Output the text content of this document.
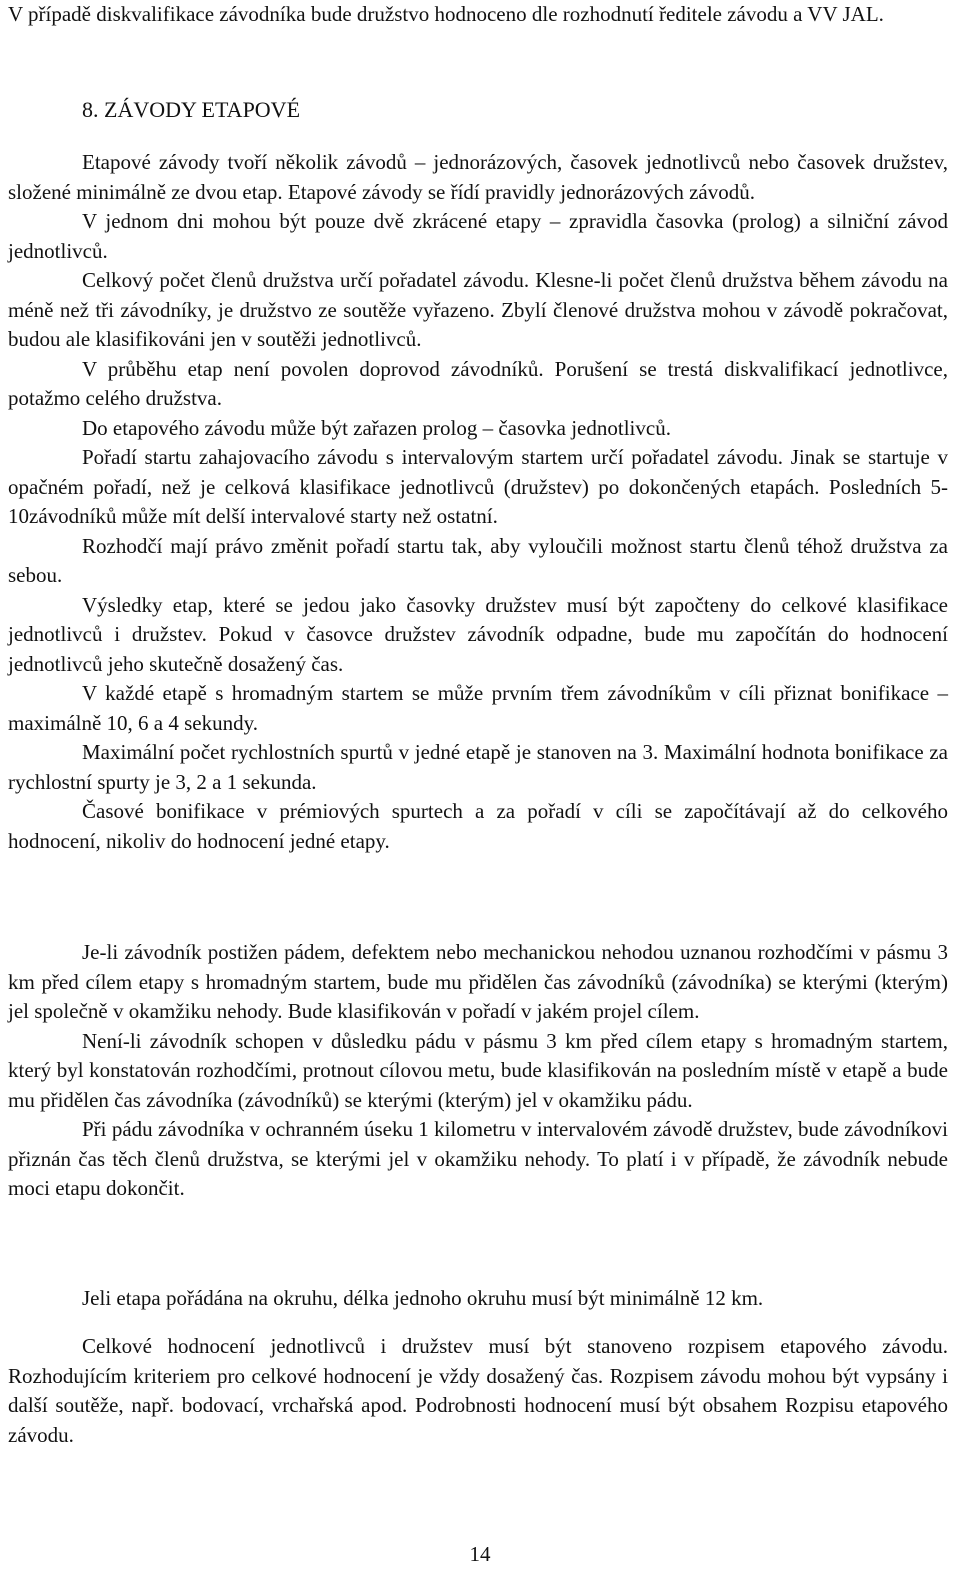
V případě diskvalifikace závodníka bude družstvo hodnoceno dle rozhodnutí ředitele závodu a VV JAL.

8. ZÁVODY ETAPOVÉ

Etapové závody tvoří několik závodů – jednorázových, časovek jednotlivců nebo časovek družstev, složené minimálně ze dvou etap. Etapové závody se řídí pravidly jednorázových závodů.

V jednom dni mohou být pouze dvě zkrácené etapy – zpravidla časovka (prolog) a silniční závod jednotlivců.

Celkový počet členů družstva určí pořadatel závodu. Klesne-li počet členů družstva během závodu na méně než tři závodníky, je družstvo ze soutěže vyřazeno. Zbylí členové družstva mohou v závodě pokračovat, budou ale klasifikováni jen v soutěži jednotlivců.

V průběhu etap není povolen doprovod závodníků. Porušení se trestá diskvalifikací jednotlivce, potažmo celého družstva.

Do etapového závodu může být zařazen prolog – časovka jednotlivců.

Pořadí startu zahajovacího závodu s intervalovým startem určí pořadatel závodu. Jinak se startuje v opačném pořadí, než je celková klasifikace jednotlivců (družstev) po dokončených etapách. Posledních 5-10závodníků může mít delší intervalové starty než ostatní.

Rozhodčí mají právo změnit pořadí startu tak, aby vyloučili možnost startu členů téhož družstva za sebou.

Výsledky etap, které se jedou jako časovky družstev musí být započteny do celkové klasifikace jednotlivců i družstev. Pokud v časovce družstev závodník odpadne, bude mu započítán do hodnocení jednotlivců jeho skutečně dosažený čas.

V každé etapě s hromadným startem se může prvním třem závodníkům v cíli přiznat bonifikace – maximálně 10, 6 a 4 sekundy.

Maximální počet rychlostních spurtů v jedné etapě je stanoven na 3. Maximální hodnota bonifikace za rychlostní spurty je 3, 2 a 1 sekunda.

Časové bonifikace v prémiových spurtech a za pořadí v cíli se započítávají až do celkového hodnocení, nikoliv do hodnocení jedné etapy.

Je-li závodník postižen pádem, defektem nebo mechanickou nehodou uznanou rozhodčími v pásmu 3 km před cílem etapy s hromadným startem, bude mu přidělen čas závodníků (závodníka) se kterými (kterým) jel společně v okamžiku nehody. Bude klasifikován v pořadí v jakém projel cílem.

Není-li závodník schopen v důsledku pádu v pásmu 3 km před cílem etapy s hromadným startem, který byl konstatován rozhodčími, protnout cílovou metu, bude klasifikován na posledním místě v etapě a bude mu přidělen čas závodníka (závodníků) se kterými (kterým) jel v okamžiku pádu.

Při pádu závodníka v ochranném úseku 1 kilometru v intervalovém závodě družstev, bude závodníkovi přiznán čas těch členů družstva, se kterými jel v okamžiku nehody. To platí i v případě, že závodník nebude moci etapu dokončit.

Jeli etapa pořádána na okruhu, délka jednoho okruhu musí být minimálně 12 km.

Celkové hodnocení jednotlivců i družstev musí být stanoveno rozpisem etapového závodu. Rozhodujícím kriteriem pro celkové hodnocení je vždy dosažený čas. Rozpisem závodu mohou být vypsány i další soutěže, např. bodovací, vrchařská apod. Podrobnosti hodnocení musí být obsahem Rozpisu etapového závodu.

14
